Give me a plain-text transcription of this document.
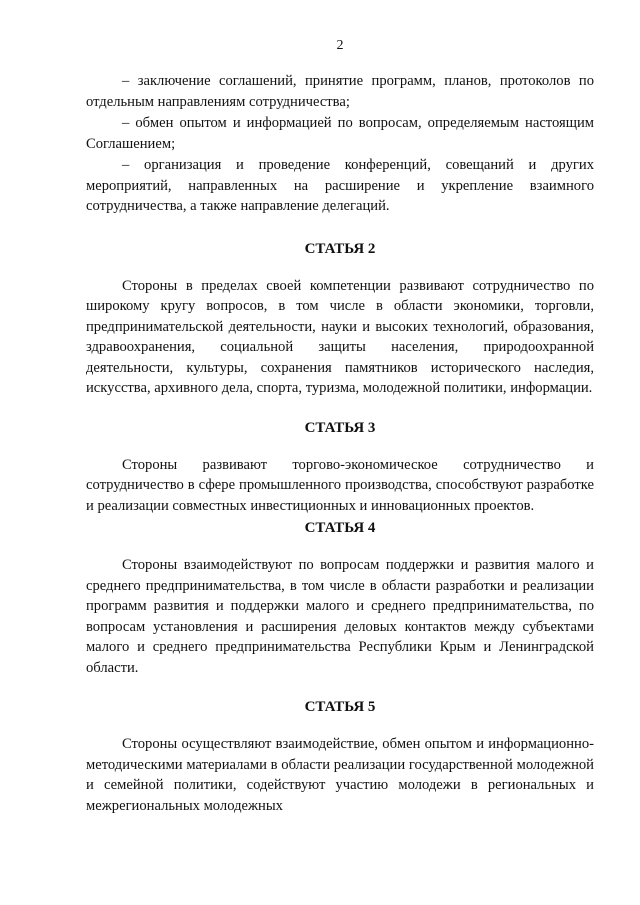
2

– заключение соглашений, принятие программ, планов, протоколов по отдельным направлениям сотрудничества;

– обмен опытом и информацией по вопросам, определяемым настоящим Соглашением;

– организация и проведение конференций, совещаний и других мероприятий, направленных на расширение и укрепление взаимного сотрудничества, а также направление делегаций.

СТАТЬЯ 2

Стороны в пределах своей компетенции развивают сотрудничество по широкому кругу вопросов, в том числе в области экономики, торговли, предпринимательской деятельности, науки и высоких технологий, образования, здравоохранения, социальной защиты населения, природоохранной деятельности, культуры, сохранения памятников исторического наследия, искусства, архивного дела, спорта, туризма, молодежной политики, информации.

СТАТЬЯ 3

Стороны развивают торгово-экономическое сотрудничество и сотрудничество в сфере промышленного производства, способствуют разработке и реализации совместных инвестиционных и инновационных проектов.

СТАТЬЯ 4

Стороны взаимодействуют по вопросам поддержки и развития малого и среднего предпринимательства, в том числе в области разработки и реализации программ развития и поддержки малого и среднего предпринимательства, по вопросам установления и расширения деловых контактов между субъектами малого и среднего предпринимательства Республики Крым и Ленинградской области.

СТАТЬЯ 5

Стороны осуществляют взаимодействие, обмен опытом и информационно-методическими материалами в области реализации государственной молодежной и семейной политики, содействуют участию молодежи в региональных и межрегиональных молодежных
